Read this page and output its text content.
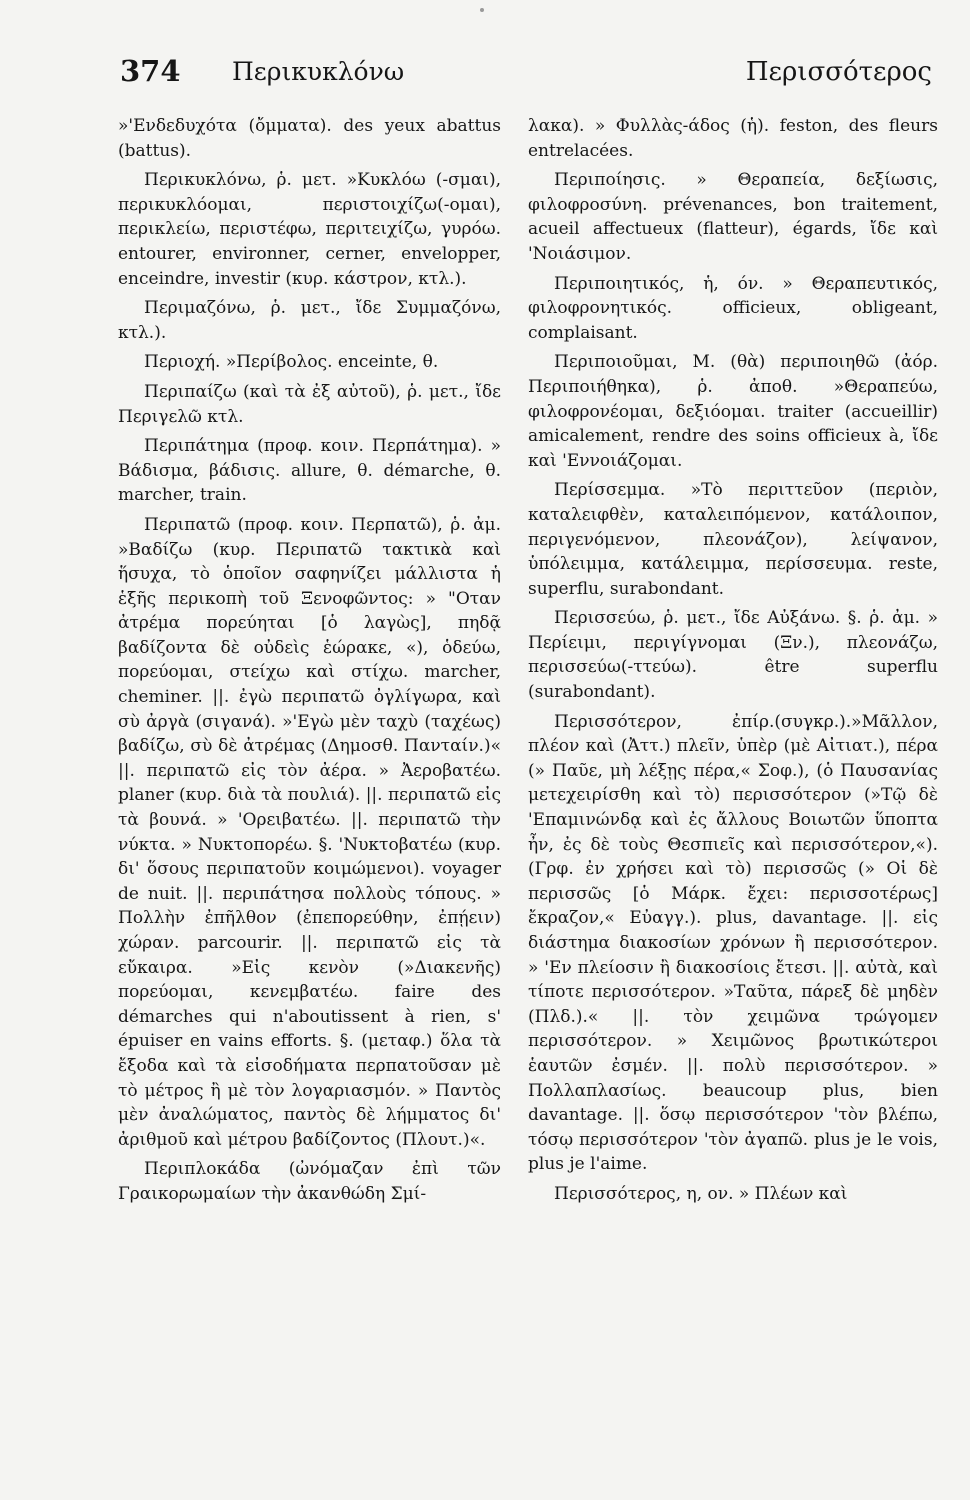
374 Περικυκλόνω	Περισσότερος

»'Ενδεδυχότα (ὄμματα). des yeux abattus (battus).

Περικυκλόνω, ῥ. μετ. »Κυκλόω (-σμαι), περικυκλόομαι, περιστοιχίζω(-ομαι), περικλείω, περιστέφω, περιτειχίζω, γυρόω. entourer, environner, cerner, envelopper, enceindre, investir (κυρ. κάστρον, κτλ.).

Περιμαζόνω, ῥ. μετ., ἴδε Συμμαζόνω, κτλ.).

Περιοχή. »Περίβολος. enceinte, θ.

Περιπαίζω (καὶ τὰ ἐξ αὐτοῦ), ῥ. μετ., ἴδε Περιγελῶ κτλ.

Περιπάτημα (προφ. κοιν. Περπάτημα). » Βάδισμα, βάδισις. allure, θ. démarche, θ. marcher, train.

Περιπατῶ (προφ. κοιν. Περπατῶ), ῥ. ἀμ. »Βαδίζω (κυρ. Περιπατῶ τακτικὰ καὶ ἥσυχα, τὸ ὁποῖον σαφηνίζει μάλλιστα ἡ ἑξῆς περικοπὴ τοῦ Ξενοφῶντος: » "Οταν ἀτρέμα πορεύηται [ὁ λαγὼς], πηδᾷ βαδίζοντα δὲ οὐδεὶς ἑώρακε, «), ὁδεύω, πορεύομαι, στείχω καὶ στίχω. marcher, cheminer. ||. ἐγὼ περιπατῶ ὀγλίγωρα, καὶ σὺ ἀργὰ (σιγανά). »'Εγὼ μὲν ταχὺ (ταχέως) βαδίζω, σὺ δὲ ἀτρέμας (Δημοσθ. Πανταίν.)« ||. περιπατῶ εἰς τὸν ἀέρα. » Ἀεροβατέω. planer (κυρ. διὰ τὰ πουλιά). ||. περιπατῶ εἰς τὰ βουνά. » 'Ορειβατέω. ||. περιπατῶ τὴν νύκτα. » Νυκτοπορέω. §. 'Νυκτοβατέω (κυρ. δι' ὅσους περιπατοῦν κοιμώμενοι). voyager de nuit. ||. περιπάτησα πολλοὺς τόπους. » Πολλὴν ἐπῆλθον (ἐπεπορεύθην, ἐπῄειν) χώραν. parcourir. ||. περιπατῶ εἰς τὰ εὔκαιρα. »Εἰς κενὸν (»Διακενῆς) πορεύομαι, κενεμβατέω. faire des démarches qui n'aboutissent à rien, s' épuiser en vains efforts. §. (μεταφ.) ὅλα τὰ ἔξοδα καὶ τὰ εἰσοδήματα περπατοῦσαν μὲ τὸ μέτρος ἢ μὲ τὸν λογαριασμόν. » Παντὸς μὲν ἀναλώματος, παντὸς δὲ λήμματος δι' ἀριθμοῦ καὶ μέτρου βαδίζοντος (Πλουτ.)«.

Περιπλοκάδα (ὠνόμαζαν ἐπὶ τῶν Γραικορωμαίων τὴν ἀκανθώδη Σμί-

λακα). » Φυλλὰς-άδος (ἡ). feston, des fleurs entrelacées.

Περιποίησις. » Θεραπεία, δεξίωσις, φιλοφροσύνη. prévenances, bon traitement, acueil affectueux (flatteur), égards, ἴδε καὶ 'Νοιάσιμον.

Περιποιητικός, ἡ, όν. » Θεραπευτικός, φιλοφρονητικός. officieux, obligeant, complaisant.

Περιποιοῦμαι, Μ. (θὰ) περιποιηθῶ (ἀόρ. Περιποιήθηκα), ῥ. ἀποθ. »Θεραπεύω, φιλοφρονέομαι, δεξιόομαι. traiter (accueillir) amicalement, rendre des soins officieux à, ἴδε καὶ 'Εννοιάζομαι.

Περίσσεμμα. »Τὸ περιττεῦον (περιὸν, καταλειφθὲν, καταλειπόμενον, κατάλοιπον, περιγενόμενον, πλεονάζον), λείψανον, ὑπόλειμμα, κατάλειμμα, περίσσευμα. reste, superflu, surabondant.

Περισσεύω, ῥ. μετ., ἴδε Αὐξάνω. §. ῥ. ἀμ. » Περίειμι, περιγίγνομαι (Ξν.), πλεονάζω, περισσεύω(-ττεύω). être superflu (surabondant).

Περισσότερον, ἐπίρ.(συγκρ.).»Μᾶλλον, πλέον καὶ (Ἀττ.) πλεῖν, ὑπὲρ (μὲ Αἰτιατ.), πέρα (» Παῦε, μὴ λέξῃς πέρα,« Σοφ.), (ὁ Παυσανίας μετεχειρίσθη καὶ τὸ) περισσότερον (»Τῷ δὲ 'Επαμινώνδᾳ καὶ ἐς ἄλλους Βοιωτῶν ὕποπτα ἦν, ἐς δὲ τοὺς Θεσπιεῖς καὶ περισσότερον,«). (Γρφ. ἐν χρήσει καὶ τὸ) περισσῶς (» Οἱ δὲ περισσῶς [ὁ Μάρκ. ἔχει: περισσοτέρως] ἔκραζον,« Εὐαγγ.). plus, davantage. ||. εἰς διάστημα διακοσίων χρόνων ἢ περισσότερον. » 'Εν πλείοσιν ἢ διακοσίοις ἔτεσι. ||. αὐτὰ, καὶ τίποτε περισσότερον. »Ταῦτα, πάρεξ δὲ μηδὲν (Πλδ.).« ||. τὸν χειμῶνα τρώγομεν περισσότερον. » Χειμῶνος βρωτικώτεροι ἑαυτῶν ἐσμέν. ||. πολὺ περισσότερον. » Πολλαπλασίως. beaucoup plus, bien davantage. ||. ὅσῳ περισσότερον 'τὸν βλέπω, τόσῳ περισσότερον 'τὸν ἀγαπῶ. plus je le vois, plus je l'aime.

Περισσότερος, η, ον. » Πλέων καὶ
